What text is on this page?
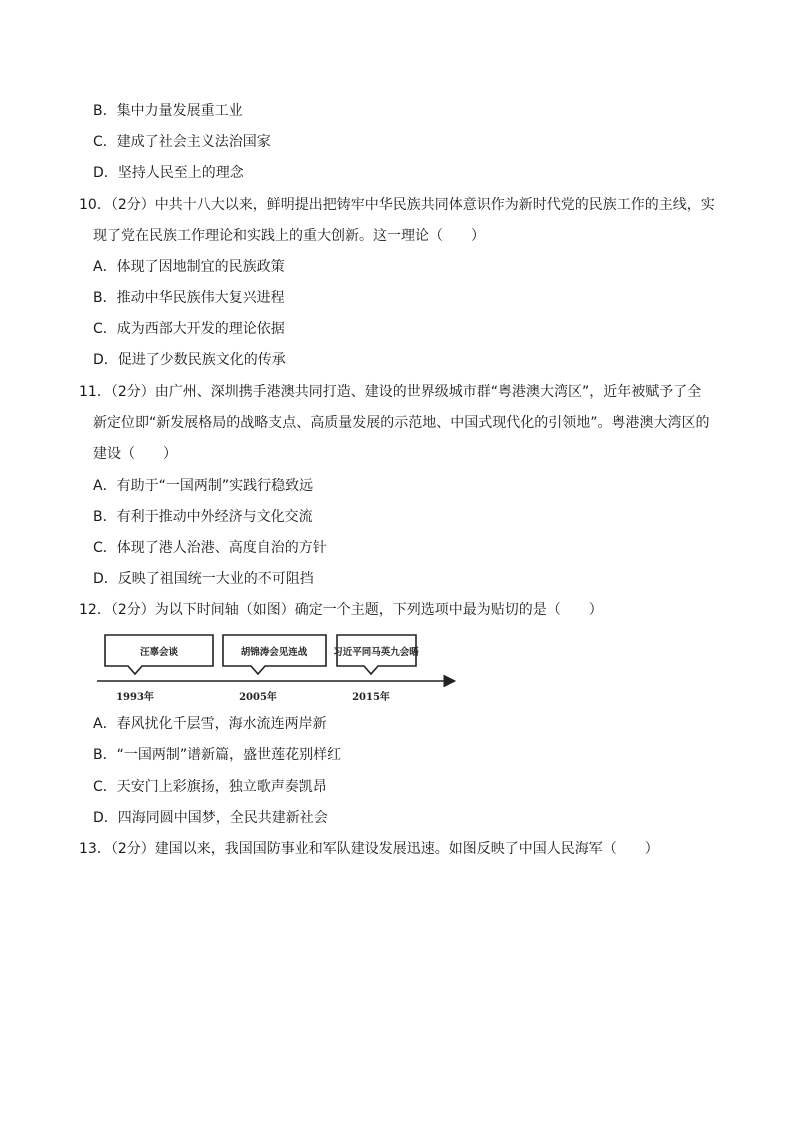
B．集中力量发展重工业
C．建成了社会主义法治国家
D．坚持人民至上的理念
10．（2分）中共十八大以来，鲜明提出把铸牢中华民族共同体意识作为新时代党的民族工作的主线，实
现了党在民族工作理论和实践上的重大创新。这一理论（　　）
A．体现了因地制宜的民族政策
B．推动中华民族伟大复兴进程
C．成为西部大开发的理论依据
D．促进了少数民族文化的传承
11．（2分）由广州、深圳携手港澳共同打造、建设的世界级城市群“粤港澳大湾区”，近年被赋予了全
新定位即“新发展格局的战略支点、高质量发展的示范地、中国式现代化的引领地”。粤港澳大湾区的
建设（　　）
A．有助于“一国两制”实践行稳致远
B．有利于推动中外经济与文化交流
C．体现了港人治港、高度自治的方针
D．反映了祖国统一大业的不可阻挡
12．（2分）为以下时间轴（如图）确定一个主题，下列选项中最为贴切的是（　　）
汪辜会谈	胡锦涛会见连战	习近平同马英九会晤
1993年	2005年	2015年
A．春风扰化千层雪，海水流连两岸新
B．“一国两制”谱新篇，盛世莲花别样红
C．天安门上彩旗扬，独立歌声奏凯昂
D．四海同圆中国梦，全民共建新社会
13．（2分）建国以来，我国国防事业和军队建设发展迅速。如图反映了中国人民海军（　　）
